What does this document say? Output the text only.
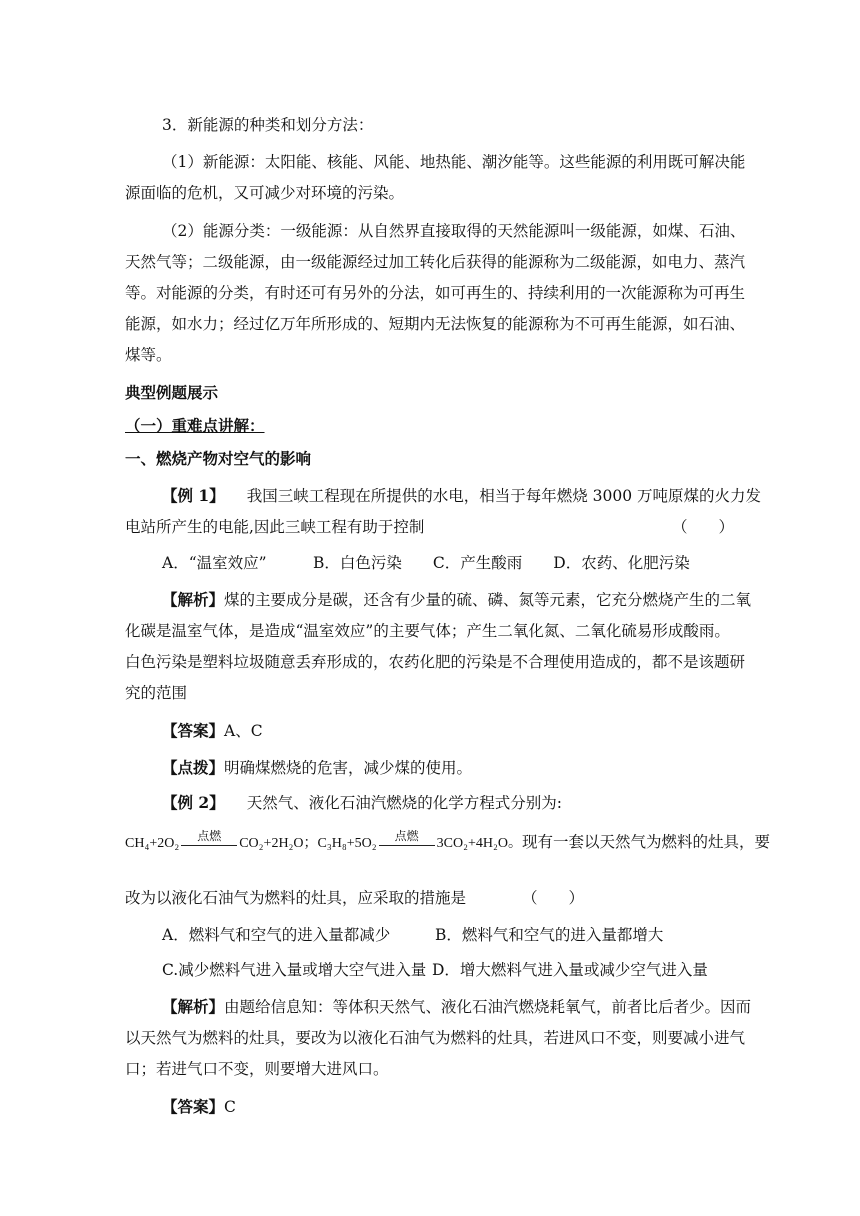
3．新能源的种类和划分方法：
（1）新能源：太阳能、核能、风能、地热能、潮汐能等。这些能源的利用既可解决能
源面临的危机，又可减少对环境的污染。
（2）能源分类：一级能源：从自然界直接取得的天然能源叫一级能源，如煤、石油、
天然气等；二级能源，由一级能源经过加工转化后获得的能源称为二级能源，如电力、蒸汽
等。对能源的分类，有时还可有另外的分法，如可再生的、持续利用的一次能源称为可再生
能源，如水力；经过亿万年所形成的、短期内无法恢复的能源称为不可再生能源，如石油、
煤等。
典型例题展示
（一）重难点讲解：
一、燃烧产物对空气的影响
【例 1】 我国三峡工程现在所提供的水电，相当于每年燃烧 3000 万吨原煤的火力发
电站所产生的电能,因此三峡工程有助于控制	（　　）
A．“温室效应”　　　B．白色污染　　C．产生酸雨　　D．农药、化肥污染
【解析】煤的主要成分是碳，还含有少量的硫、磷、氮等元素，它充分燃烧产生的二氧
化碳是温室气体，是造成“温室效应”的主要气体；产生二氧化氮、二氧化硫易形成酸雨。
白色污染是塑料垃圾随意丢弃形成的，农药化肥的污染是不合理使用造成的，都不是该题研
究的范围
【答案】A、C
【点拨】明确煤燃烧的危害，减少煤的使用。
【例 2】 天然气、液化石油汽燃烧的化学方程式分别为:
CH₄+2O₂
点燃
CO₂+2H₂O；C₃H₈+5O₂
点燃
3CO₂+4H₂O。现有一套以天然气为燃料的灶具，要
改为以液化石油气为燃料的灶具，应采取的措施是	（　　）
A．燃料气和空气的进入量都减少	B．燃料气和空气的进入量都增大
C.减少燃料气进入量或增大空气进入量 D．增大燃料气进入量或减少空气进入量
【解析】由题给信息知：等体积天然气、液化石油汽燃烧耗氧气，前者比后者少。因而
以天然气为燃料的灶具，要改为以液化石油气为燃料的灶具，若进风口不变，则要减小进气
口；若进气口不变，则要增大进风口。
【答案】C
